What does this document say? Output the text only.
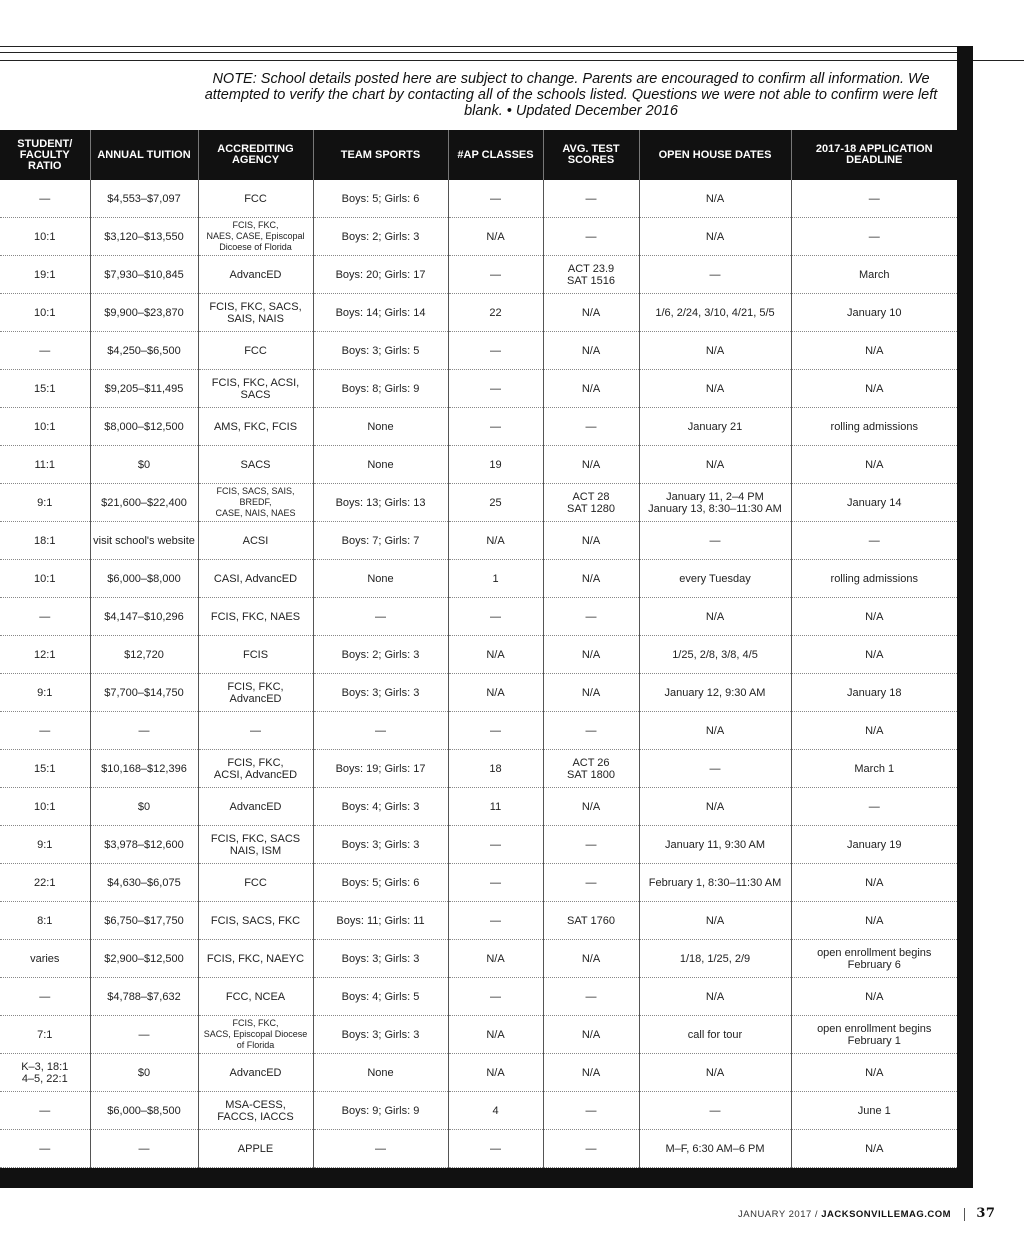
NOTE: School details posted here are subject to change. Parents are encouraged to confirm all information. We attempted to verify the chart by contacting all of the schools listed. Questions we were not able to confirm were left blank. • Updated December 2016
STUDENT/ FACULTY RATIO	ANNUAL TUITION	ACCREDITING AGENCY	TEAM SPORTS	#AP CLASSES	AVG. TEST SCORES	OPEN HOUSE DATES	2017-18 APPLICATION DEADLINE
—	$4,553–$7,097	FCC	Boys: 5; Girls: 6	—	—	N/A	—
10:1	$3,120–$13,550	FCIS, FKC,
NAES, CASE, Episcopal
Dicoese of Florida	Boys: 2; Girls: 3	N/A	—	N/A	—
19:1	$7,930–$10,845	AdvancED	Boys: 20; Girls: 17	—	ACT 23.9
SAT 1516	—	March
10:1	$9,900–$23,870	FCIS, FKC, SACS,
SAIS, NAIS	Boys: 14; Girls: 14	22	N/A	1/6, 2/24, 3/10, 4/21, 5/5	January 10
—	$4,250–$6,500	FCC	Boys: 3; Girls: 5	—	N/A	N/A	N/A
15:1	$9,205–$11,495	FCIS, FKC, ACSI, SACS	Boys: 8; Girls: 9	—	N/A	N/A	N/A
10:1	$8,000–$12,500	AMS, FKC, FCIS	None	—	—	January 21	rolling admissions
11:1	$0	SACS	None	19	N/A	N/A	N/A
9:1	$21,600–$22,400	FCIS, SACS, SAIS, BREDF,
CASE, NAIS, NAES	Boys: 13; Girls: 13	25	ACT 28
SAT 1280	January 11, 2–4 PM
January 13, 8:30–11:30 AM	January 14
18:1	visit school's website	ACSI	Boys: 7; Girls: 7	N/A	N/A	—	—
10:1	$6,000–$8,000	CASI, AdvancED	None	1	N/A	every Tuesday	rolling admissions
—	$4,147–$10,296	FCIS, FKC, NAES	—	—	—	N/A	N/A
12:1	$12,720	FCIS	Boys: 2; Girls: 3	N/A	N/A	1/25, 2/8, 3/8, 4/5	N/A
9:1	$7,700–$14,750	FCIS, FKC,
AdvancED	Boys: 3; Girls: 3	N/A	N/A	January 12, 9:30 AM	January 18
—	—	—	—	—	—	N/A	N/A
15:1	$10,168–$12,396	FCIS, FKC,
ACSI, AdvancED	Boys: 19; Girls: 17	18	ACT 26
SAT 1800	—	March 1
10:1	$0	AdvancED	Boys: 4; Girls: 3	11	N/A	N/A	—
9:1	$3,978–$12,600	FCIS, FKC, SACS
NAIS, ISM	Boys: 3; Girls: 3	—	—	January 11, 9:30 AM	January 19
22:1	$4,630–$6,075	FCC	Boys: 5; Girls: 6	—	—	February 1, 8:30–11:30 AM	N/A
8:1	$6,750–$17,750	FCIS, SACS, FKC	Boys: 11; Girls: 11	—	SAT 1760	N/A	N/A
varies	$2,900–$12,500	FCIS, FKC, NAEYC	Boys: 3; Girls: 3	N/A	N/A	1/18, 1/25, 2/9	open enrollment begins
February 6
—	$4,788–$7,632	FCC, NCEA	Boys: 4; Girls: 5	—	—	N/A	N/A
7:1	—	FCIS, FKC,
SACS, Episcopal Diocese
of Florida	Boys: 3; Girls: 3	N/A	N/A	call for tour	open enrollment begins
February 1
K–3, 18:1
4–5, 22:1	$0	AdvancED	None	N/A	N/A	N/A	N/A
—	$6,000–$8,500	MSA-CESS,
FACCS, IACCS	Boys: 9; Girls: 9	4	—	—	June 1
—	—	APPLE	—	—	—	M–F, 6:30 AM–6 PM	N/A
JANUARY 2017 / JACKSONVILLEMAG.COM 37
